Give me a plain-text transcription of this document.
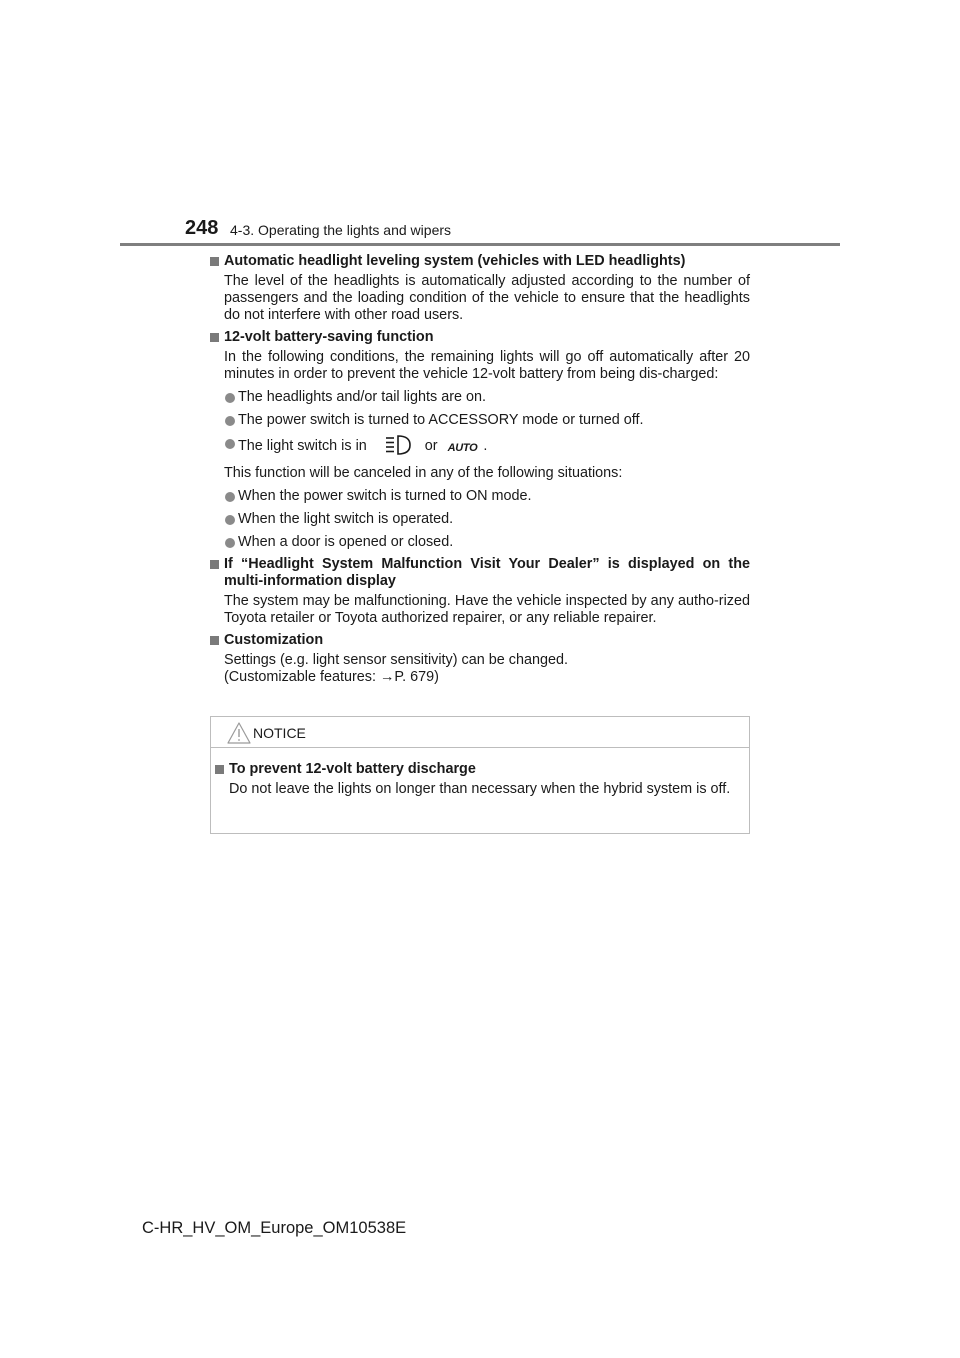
248 4-3. Operating the lights and wipers
Automatic headlight leveling system (vehicles with LED headlights)
The level of the headlights is automatically adjusted according to the number of passengers and the loading condition of the vehicle to ensure that the headlights do not interfere with other road users.
12-volt battery-saving function
In the following conditions, the remaining lights will go off automatically after 20 minutes in order to prevent the vehicle 12-volt battery from being dis-charged:
The headlights and/or tail lights are on.
The power switch is turned to ACCESSORY mode or turned off.
The light switch is in	or AUTO .
This function will be canceled in any of the following situations:
When the power switch is turned to ON mode.
When the light switch is operated.
When a door is opened or closed.
If “Headlight System Malfunction Visit Your Dealer” is displayed on the multi-information display
The system may be malfunctioning. Have the vehicle inspected by any autho-rized Toyota retailer or Toyota authorized repairer, or any reliable repairer.
Customization
Settings (e.g. light sensor sensitivity) can be changed.
(Customizable features: →P. 679)
NOTICE
To prevent 12-volt battery discharge
Do not leave the lights on longer than necessary when the hybrid system is off.
C-HR_HV_OM_Europe_OM10538E
